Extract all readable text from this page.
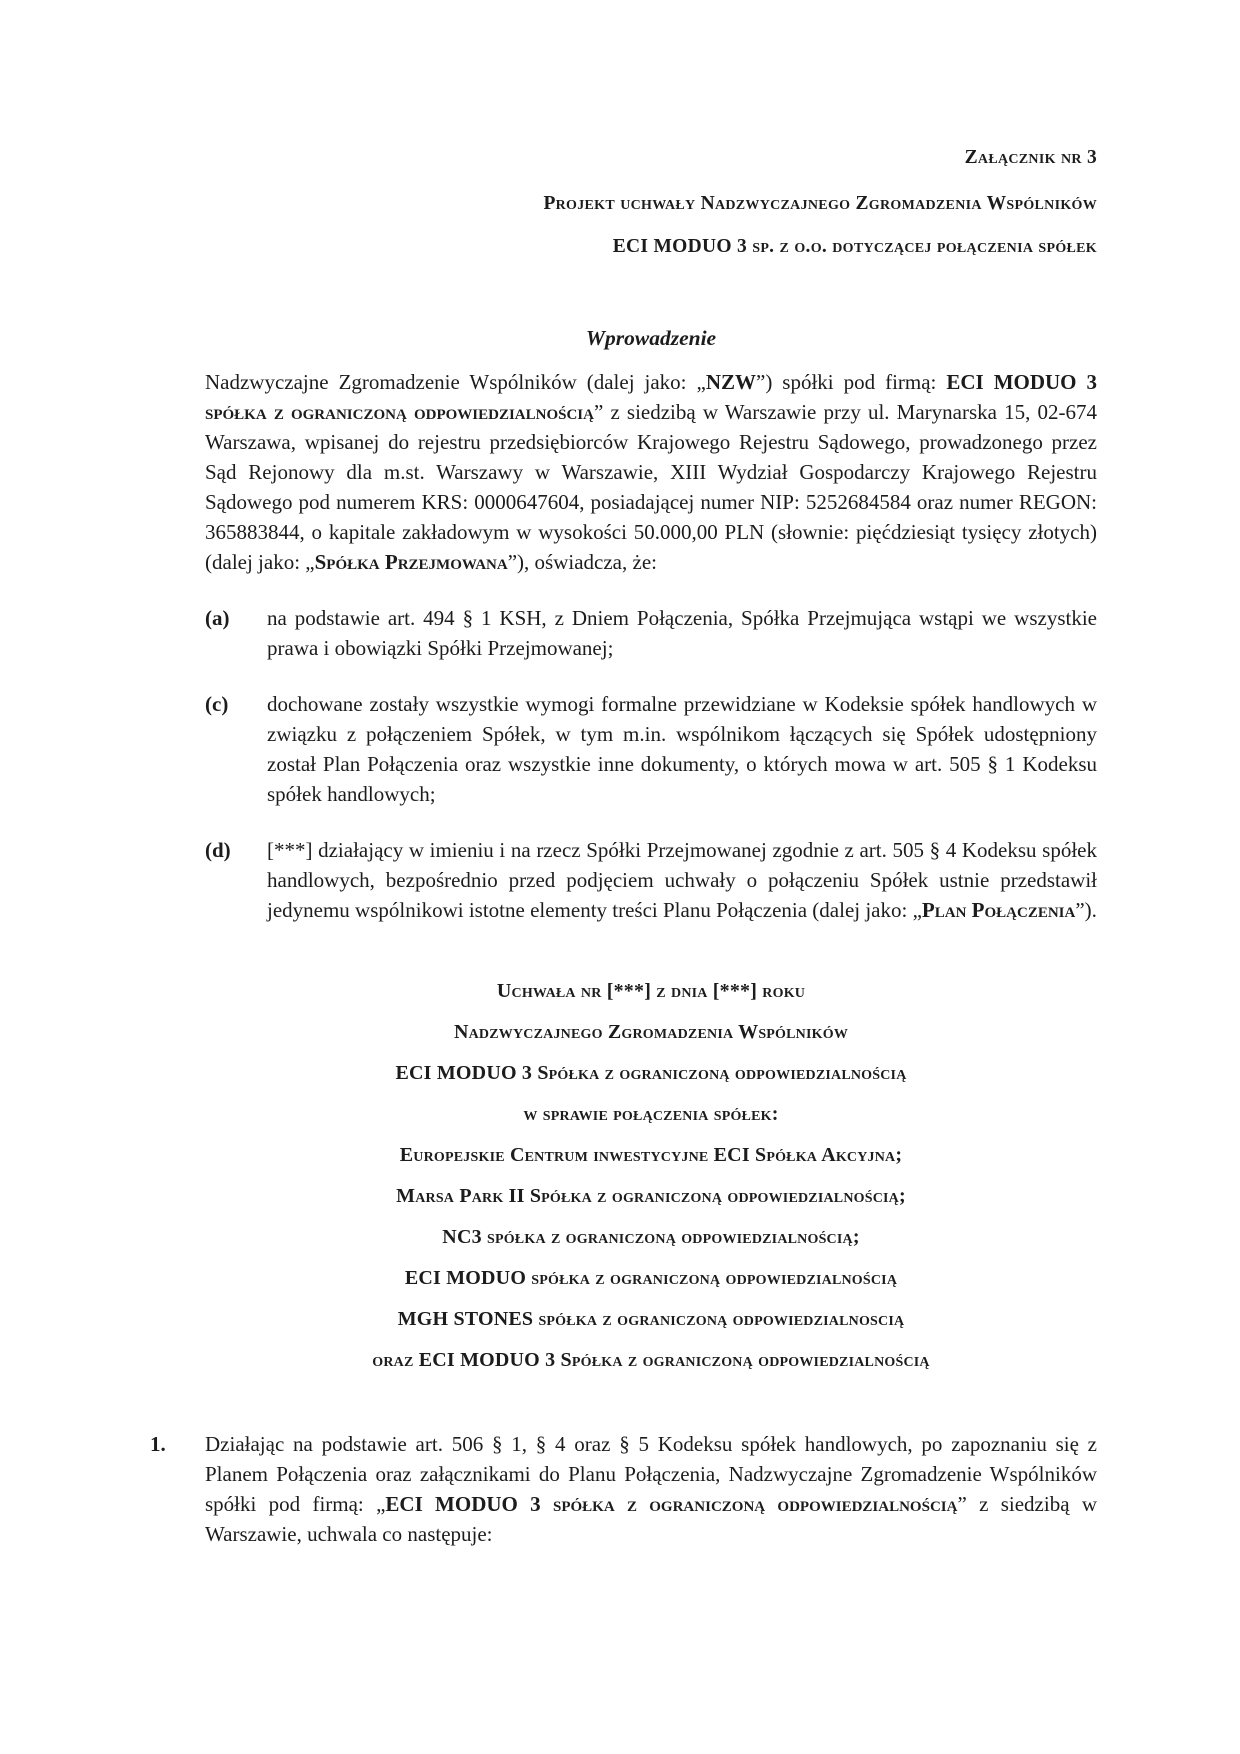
Załącznik nr 3
Projekt uchwały Nadzwyczajnego Zgromadzenia Wspólników
ECI MODUO 3 sp. z o.o. dotyczącej połączenia spółek
Wprowadzenie

Nadzwyczajne Zgromadzenie Wspólników (dalej jako: „NZW”) spółki pod firmą: ECI MODUO 3 spółka z ograniczoną odpowiedzialnością” z siedzibą w Warszawie przy ul. Marynarska 15, 02-674 Warszawa, wpisanej do rejestru przedsiębiorców Krajowego Rejestru Sądowego, prowadzonego przez Sąd Rejonowy dla m.st. Warszawy w Warszawie, XIII Wydział Gospodarczy Krajowego Rejestru Sądowego pod numerem KRS: 0000647604, posiadającej numer NIP: 5252684584 oraz numer REGON: 365883844, o kapitale zakładowym w wysokości 50.000,00 PLN (słownie: pięćdziesiąt tysięcy złotych) (dalej jako: „Spółka Przejmowana”), oświadcza, że:

(a)	na podstawie art. 494 § 1 KSH, z Dniem Połączenia, Spółka Przejmująca wstąpi we wszystkie prawa i obowiązki Spółki Przejmowanej;
(c)	dochowane zostały wszystkie wymogi formalne przewidziane w Kodeksie spółek handlowych w związku z połączeniem Spółek, w tym m.in. wspólnikom łączących się Spółek udostępniony został Plan Połączenia oraz wszystkie inne dokumenty, o których mowa w art. 505 § 1 Kodeksu spółek handlowych;
(d)	[***] działający w imieniu i na rzecz Spółki Przejmowanej zgodnie z art. 505 § 4 Kodeksu spółek handlowych, bezpośrednio przed podjęciem uchwały o połączeniu Spółek ustnie przedstawił jedynemu wspólnikowi istotne elementy treści Planu Połączenia (dalej jako: „Plan Połączenia”).
Uchwała nr [***] z dnia [***] roku
Nadzwyczajnego Zgromadzenia Wspólników
ECI MODUO 3 Spółka z ograniczoną odpowiedzialnością
w sprawie połączenia spółek:
Europejskie Centrum inwestycyjne ECI Spółka Akcyjna;
Marsa Park II Spółka z ograniczoną odpowiedzialnością;
NC3 spółka z ograniczoną odpowiedzialnością;
ECI MODUO spółka z ograniczoną odpowiedzialnością
MGH STONES spółka z ograniczoną odpowiedzialnoscią
oraz ECI MODUO 3 Spółka z ograniczoną odpowiedzialnością
1.	Działając na podstawie art. 506 § 1, § 4 oraz § 5 Kodeksu spółek handlowych, po zapoznaniu się z Planem Połączenia oraz załącznikami do Planu Połączenia, Nadzwyczajne Zgromadzenie Wspólników spółki pod firmą: „ECI MODUO 3 spółka z ograniczoną odpowiedzialnością” z siedzibą w Warszawie, uchwala co następuje:
